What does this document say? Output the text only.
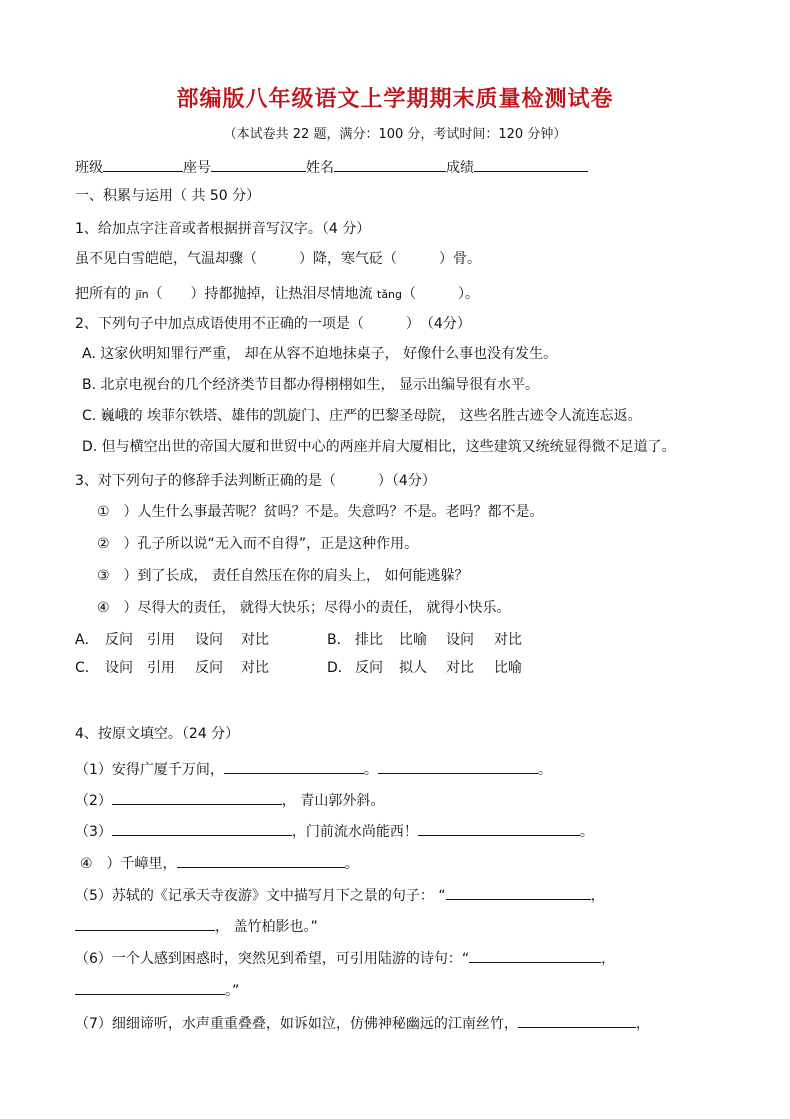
部编版八年级语文上学期期末质量检测试卷
（本试卷共 22 题，满分：100 分，考试时间：120 分钟）
班级	座号	姓名	成绩
一、积累与运用（ 共 50 分）
1、给加点字注音或者根据拼音写汉字。（4 分）
虽不见白雪皑皑，气温却骤（　　　）降，寒气砭（　　　）骨。
把所有的 jīn（　　）持都抛掉，让热泪尽情地流 tǎng（　　　）。
2、下列句子中加点成语使用不正确的一项是（　　　）　（4分）
A. 这家伙明知罪行严重， 却在从容不迫地抹桌子， 好像什么事也没有发生。
B. 北京电视台的几个经济类节目都办得栩栩如生， 显示出编导很有水平。
C. 巍峨的 埃菲尔铁塔、雄伟的凯旋门、庄严的巴黎圣母院， 这些名胜古迹令人流连忘返。
D. 但与横空出世的帝国大厦和世贸中心的两座并肩大厦相比，这些建筑又统统显得微不足道了。
3、对下列句子的修辞手法判断正确的是（　　　）（4分）
①　）人生什么事最苦呢？贫吗？不是。失意吗？不是。老吗？都不是。
②　）孔子所以说“无入而不自得”，正是这种作用。
③　）到了长成， 责任自然压在你的肩头上， 如何能逃躲？
④　）尽得大的责任， 就得大快乐；尽得小的责任， 就得小快乐。
A． 反问 引用 设问 对比	B． 排比 比喻 设问 对比
C． 设问 引用 反问 对比	D． 反问 拟人 对比 比喻
4、按原文填空。（24 分）
（1）安得广厦千万间，	。	。
（2）	， 青山郭外斜。
（3）	，门前流水尚能西！	。
④　）千嶂里，	。
（5）苏轼的《记承天寺夜游》文中描写月下之景的句子： “	，
， 盖竹柏影也。”
（6）一个人感到困惑时，突然见到希望，可引用陆游的诗句：“	，
。”
（7）细细谛听，水声重重叠叠，如诉如泣，仿佛神秘幽远的江南丝竹，	，
